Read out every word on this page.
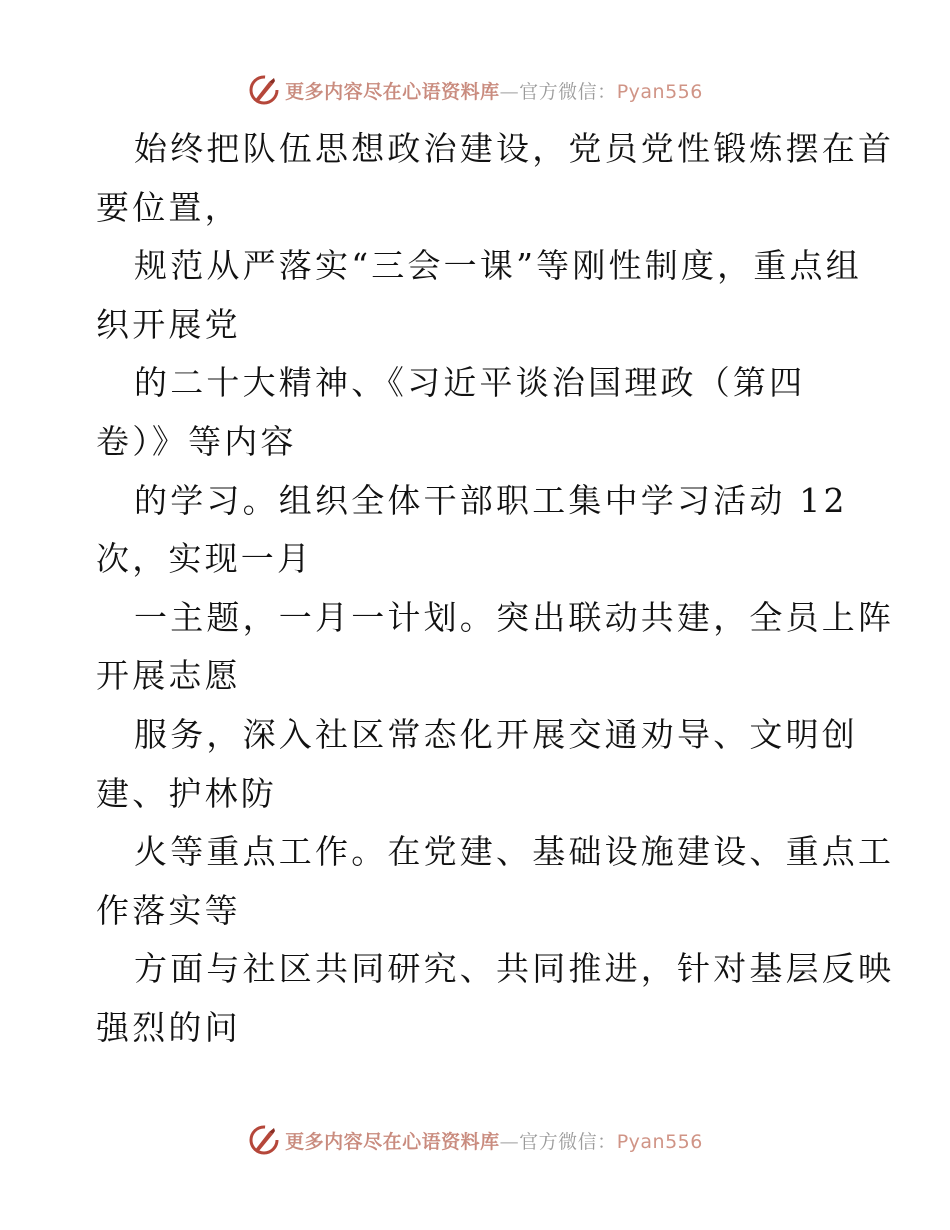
更多内容尽在心语资料库—官方微信：Pyan556
始终把队伍思想政治建设，党员党性锻炼摆在首
要位置，
规范从严落实“三会一课”等刚性制度，重点组
织开展党
的二十大精神、《习近平谈治国理政（第四
卷）》等内容
的学习。组织全体干部职工集中学习活动 12
次，实现一月
一主题，一月一计划。突出联动共建，全员上阵
开展志愿
服务，深入社区常态化开展交通劝导、文明创
建、护林防
火等重点工作。在党建、基础设施建设、重点工
作落实等
方面与社区共同研究、共同推进，针对基层反映
强烈的问
更多内容尽在心语资料库—官方微信：Pyan556
